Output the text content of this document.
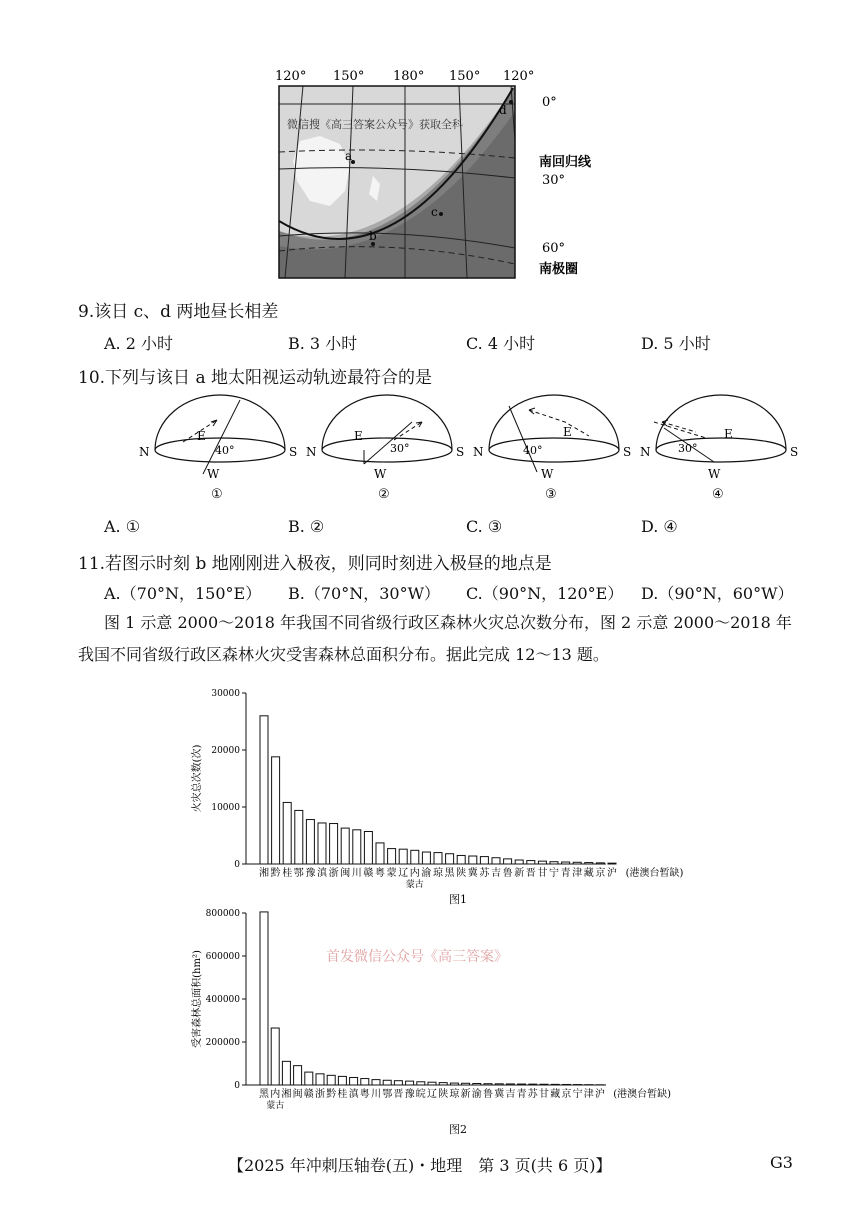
120° 150° 180° 150° 120°
微信搜《高三答案公众号》获取全科
a
b
c
d	0°
南回归线
30°
60°
南极圈
9.该日 c、d 两地昼长相差
A. 2 小时	B. 3 小时	C. 4 小时	D. 5 小时
10.下列与该日 a 地太阳视运动轨迹最符合的是
N	S
E
W
40°
①
N	S
E
W
30°
②
N	S
E
W
40°
③
N	S
E
W
30°
④
A. ①	B. ②	C. ③	D. ④
11.若图示时刻 b 地刚刚进入极夜，则同时刻进入极昼的地点是
A.（70°N，150°E） B.（70°N，30°W） C.（90°N，120°E） D.（90°N，60°W）
图 1 示意 2000～2018 年我国不同省级行政区森林火灾总次数分布，图 2 示意 2000～2018 年
我国不同省级行政区森林火灾受害森林总面积分布。据此完成 12～13 题。
0
10000
20000
30000
火灾总次数(次)
湘 黔 桂 鄂 豫 滇 浙 闽 川 赣 粤 蒙 辽 内 渝 琼 黑 陕 冀 苏 吉 鲁 新 晋 甘 宁 青 津 藏 京 沪
蒙古
(港澳台暂缺)
图1
0
200000
400000
600000
800000
受害森林总面积(hm²)
黑 内 湘 闽 赣 浙 黔 桂 滇 粤 川 鄂 晋 豫 皖 辽 陕 琼 新 渝 鲁 冀 吉 青 苏 甘 藏 京 宁 津 沪
蒙古
(港澳台暂缺)
图2
首发微信公众号《高三答案》
【2025 年冲刺压轴卷(五)・地理　第 3 页(共 6 页)】	G3
